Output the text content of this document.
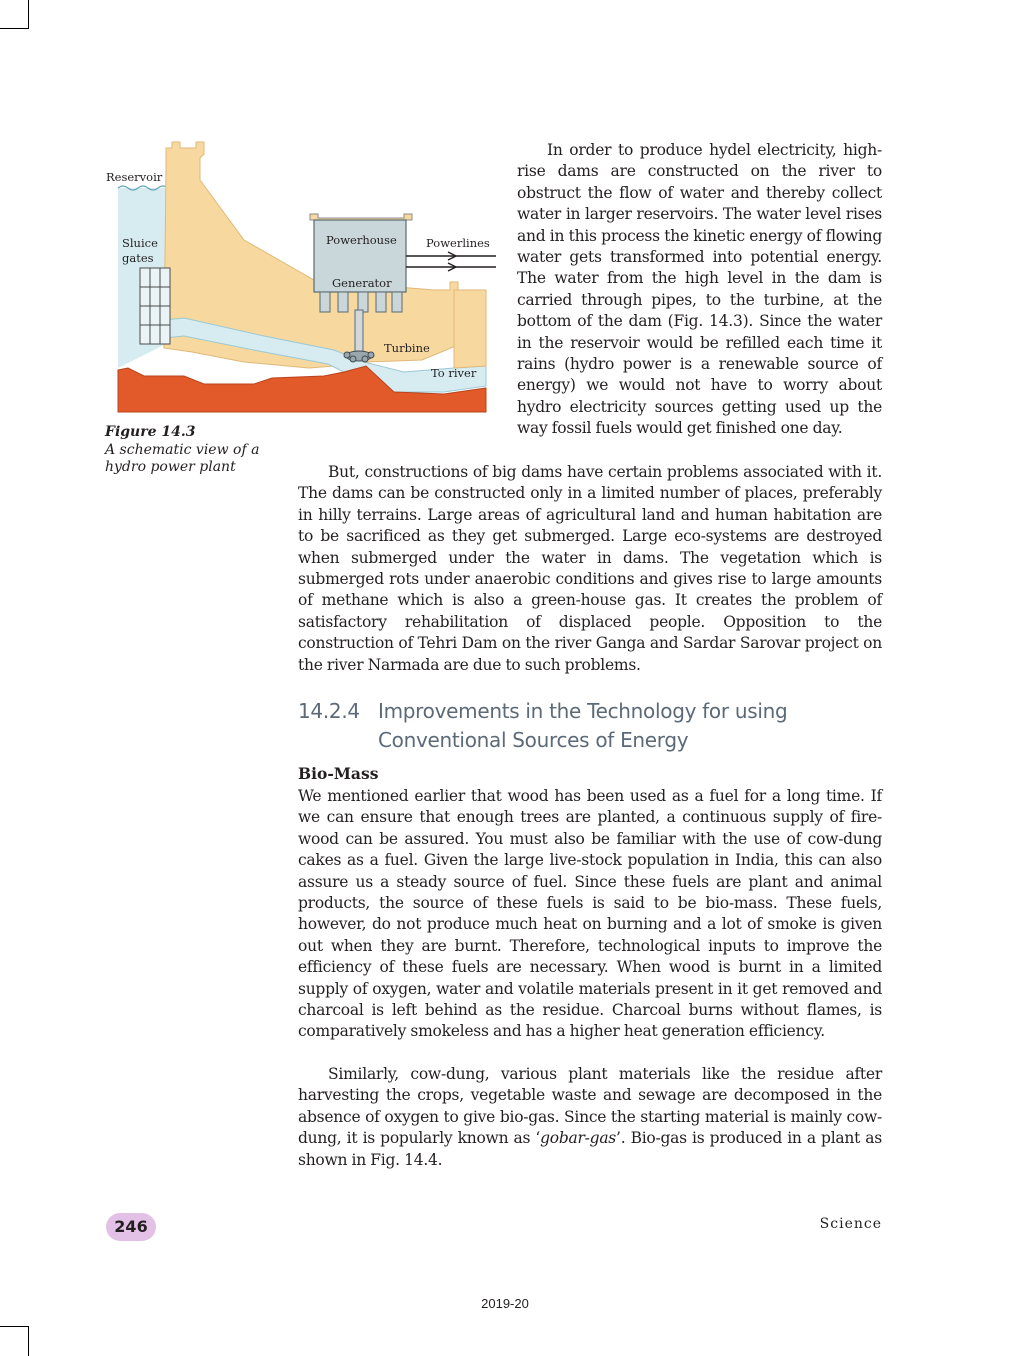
Reservoir
Sluice
gates
Powerhouse	Powerlines
Generator
Turbine
To river
Figure 14.3
A schematic view of a
hydro power plant

In order to produce hydel electricity, high-rise dams are constructed on the river to obstruct the flow of water and thereby collect water in larger reservoirs. The water level rises and in this process the kinetic energy of flowing water gets transformed into potential energy. The water from the high level in the dam is carried through pipes, to the turbine, at the bottom of the dam (Fig. 14.3). Since the water in the reservoir would be refilled each time it rains (hydro power is a renewable source of energy) we would not have to worry about hydro electricity sources getting used up the way fossil fuels would get finished one day.

But, constructions of big dams have certain problems associated with it. The dams can be constructed only in a limited number of places, preferably in hilly terrains. Large areas of agricultural land and human habitation are to be sacrificed as they get submerged. Large eco-systems are destroyed when submerged under the water in dams. The vegetation which is submerged rots under anaerobic conditions and gives rise to large amounts of methane which is also a green-house gas. It creates the problem of satisfactory rehabilitation of displaced people. Opposition to the construction of Tehri Dam on the river Ganga and Sardar Sarovar project on the river Narmada are due to such problems.

14.2.4 Improvements in the Technology for using
Conventional Sources of Energy
Bio-Mass

We mentioned earlier that wood has been used as a fuel for a long time. If we can ensure that enough trees are planted, a continuous supply of fire-wood can be assured. You must also be familiar with the use of cow-dung cakes as a fuel. Given the large live-stock population in India, this can also assure us a steady source of fuel. Since these fuels are plant and animal products, the source of these fuels is said to be bio-mass. These fuels, however, do not produce much heat on burning and a lot of smoke is given out when they are burnt. Therefore, technological inputs to improve the efficiency of these fuels are necessary. When wood is burnt in a limited supply of oxygen, water and volatile materials present in it get removed and charcoal is left behind as the residue. Charcoal burns without flames, is comparatively smokeless and has a higher heat generation efficiency.

Similarly, cow-dung, various plant materials like the residue after harvesting the crops, vegetable waste and sewage are decomposed in the absence of oxygen to give bio-gas. Since the starting material is mainly cow-dung, it is popularly known as ‘gobar-gas’. Bio-gas is produced in a plant as shown in Fig. 14.4.

246	Science
2019-20
